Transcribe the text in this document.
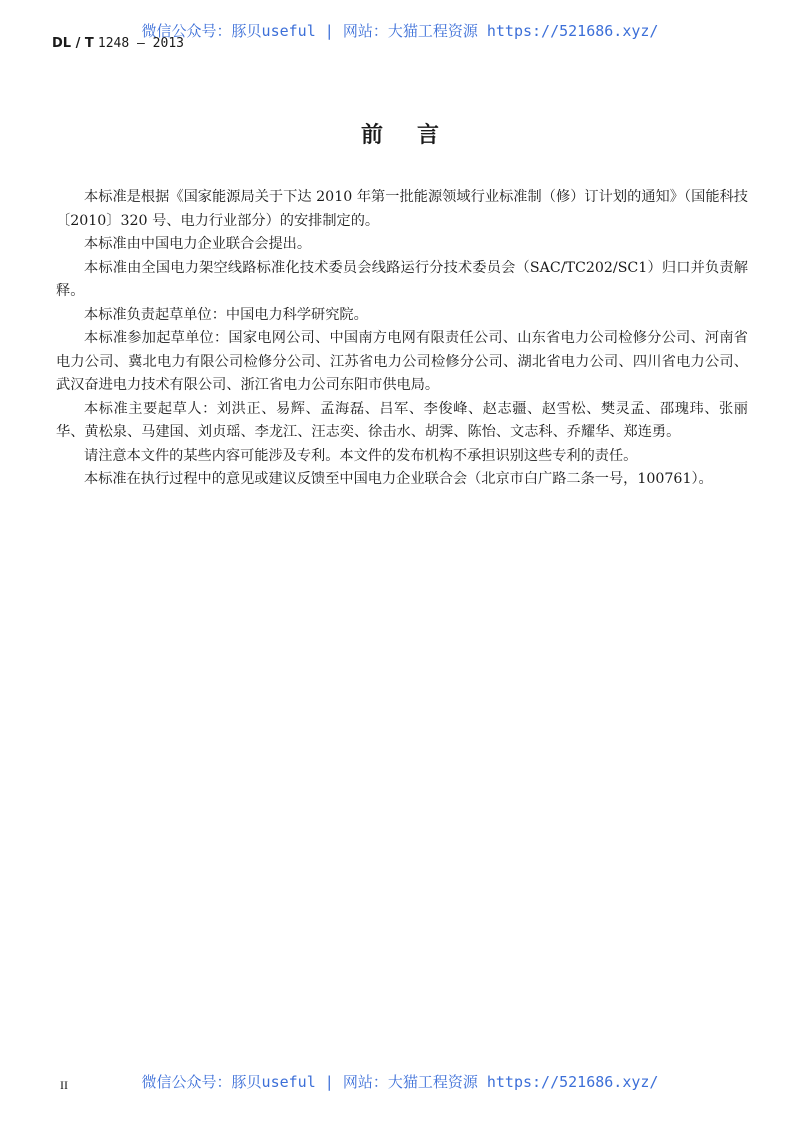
微信公众号：豚贝useful | 网站：大猫工程资源 https://521686.xyz/
DL / T 1248 — 2013
前言

本标准是根据《国家能源局关于下达 2010 年第一批能源领域行业标准制（修）订计划的通知》（国能科技〔2010〕320 号、电力行业部分）的安排制定的。

本标准由中国电力企业联合会提出。

本标准由全国电力架空线路标准化技术委员会线路运行分技术委员会（SAC/TC202/SC1）归口并负责解释。

本标准负责起草单位：中国电力科学研究院。

本标准参加起草单位：国家电网公司、中国南方电网有限责任公司、山东省电力公司检修分公司、河南省电力公司、冀北电力有限公司检修分公司、江苏省电力公司检修分公司、湖北省电力公司、四川省电力公司、武汉奋进电力技术有限公司、浙江省电力公司东阳市供电局。

本标准主要起草人：刘洪正、易辉、孟海磊、吕军、李俊峰、赵志疆、赵雪松、樊灵孟、邵瑰玮、张丽华、黄松泉、马建国、刘贞瑶、李龙江、汪志奕、徐击水、胡霁、陈怡、文志科、乔耀华、郑连勇。

请注意本文件的某些内容可能涉及专利。本文件的发布机构不承担识别这些专利的责任。

本标准在执行过程中的意见或建议反馈至中国电力企业联合会（北京市白广路二条一号，100761）。

微信公众号：豚贝useful | 网站：大猫工程资源 https://521686.xyz/
II
